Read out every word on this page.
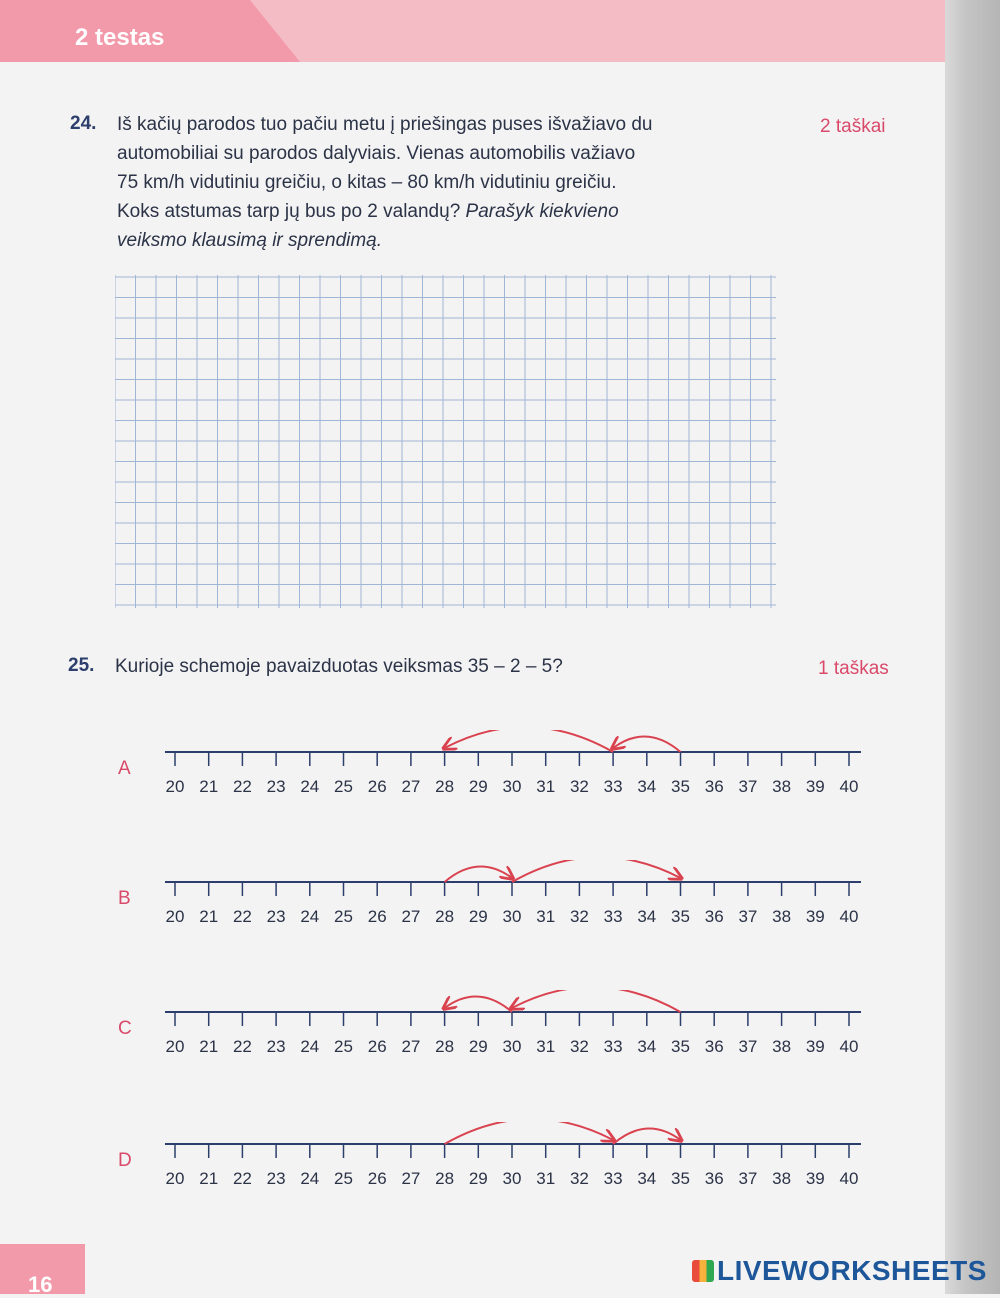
2 testas
24.	2 taškai
Iš kačių parodos tuo pačiu metu į priešingas puses išvažiavo du
automobiliai su parodos dalyviais. Vienas automobilis važiavo
75 km/h vidutiniu greičiu, o kitas – 80 km/h vidutiniu greičiu.
Koks atstumas tarp jų bus po 2 valandų? Parašyk kiekvieno
veiksmo klausimą ir sprendimą.
25. Kurioje schemoje pavaizduotas veiksmas 35 – 2 – 5?	1 taškas
A
20 21 22 23 24 25 26 27 28 29 30 31 32 33 34 35 36 37 38 39 40
B
20 21 22 23 24 25 26 27 28 29 30 31 32 33 34 35 36 37 38 39 40
C
20 21 22 23 24 25 26 27 28 29 30 31 32 33 34 35 36 37 38 39 40
D
20 21 22 23 24 25 26 27 28 29 30 31 32 33 34 35 36 37 38 39 40
16	LIVEWORKSHEETS
